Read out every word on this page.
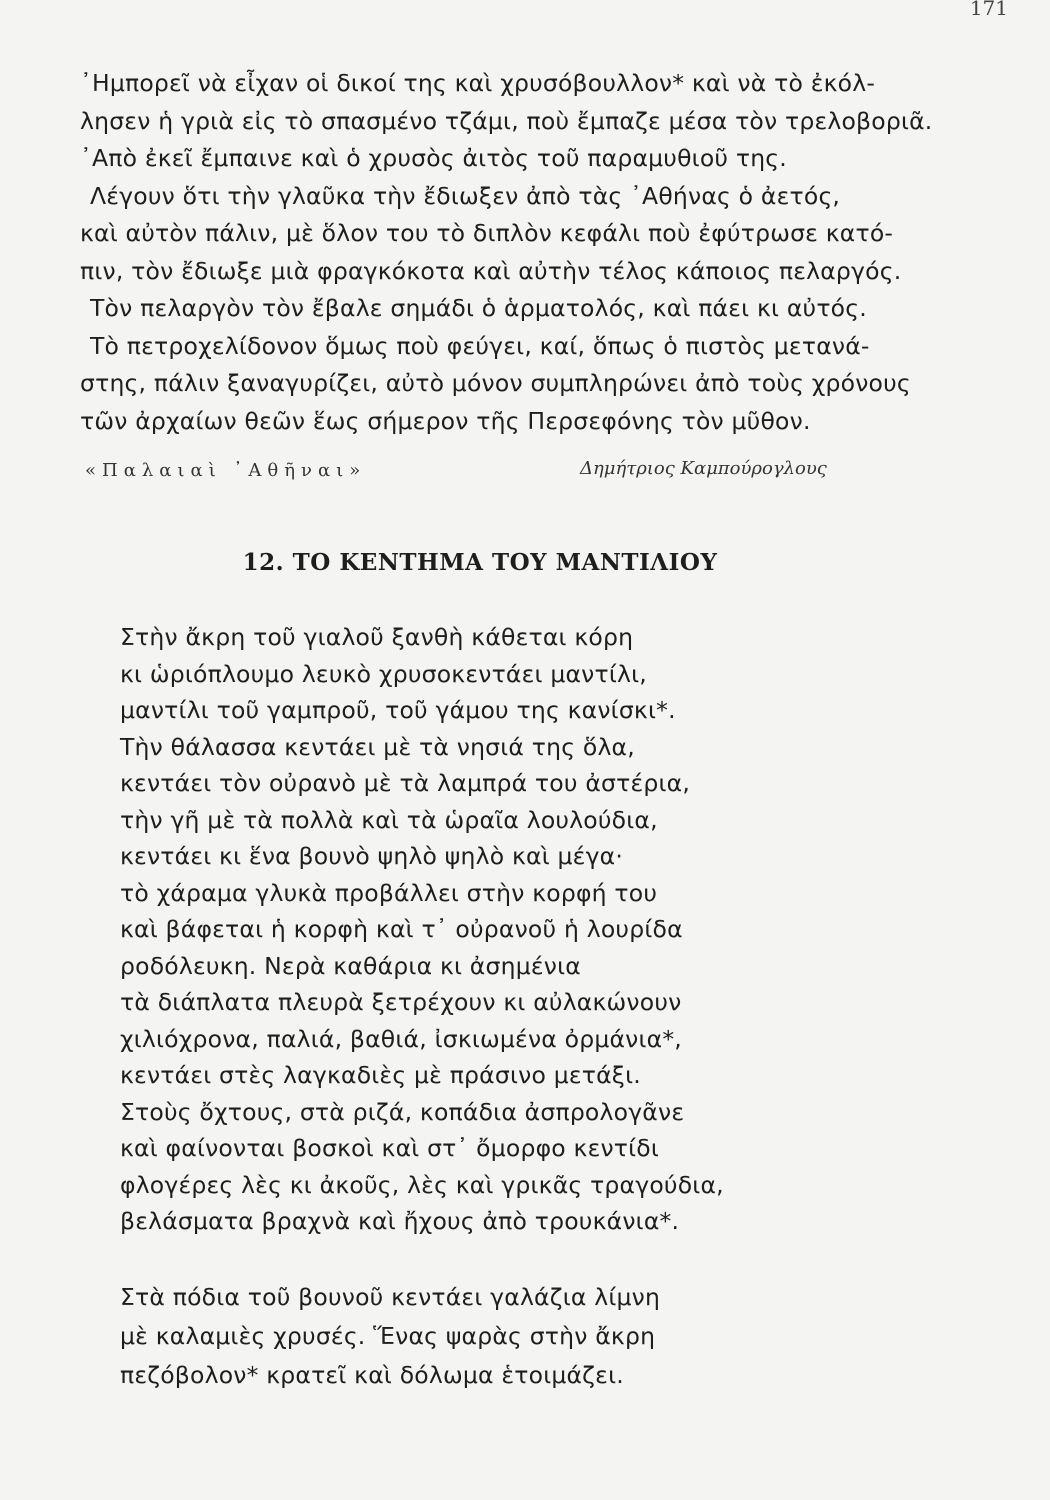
171

᾿Ημπορεῖ νὰ εἶχαν οἱ δικοί της καὶ χρυσόβουλλον* καὶ νὰ τὸ ἐκόλ-

λησεν ἡ γριὰ εἰς τὸ σπασμένο τζάμι, ποὺ ἔμπαζε μέσα τὸν τρελοβοριᾶ.

᾿Απὸ ἐκεῖ ἔμπαινε καὶ ὁ χρυσὸς ἀιτὸς τοῦ παραμυθιοῦ της.

Λέγουν ὅτι τὴν γλαῦκα τὴν ἔδιωξεν ἀπὸ τὰς ᾿Αθήνας ὁ ἀετός,

καὶ αὐτὸν πάλιν, μὲ ὅλον του τὸ διπλὸν κεφάλι ποὺ ἐφύτρωσε κατό-

πιν, τὸν ἔδιωξε μιὰ φραγκόκοτα καὶ αὐτὴν τέλος κάποιος πελαργός.

Τὸν πελαργὸν τὸν ἔβαλε σημάδι ὁ ἁρματολός, καὶ πάει κι αὐτός.

Τὸ πετροχελίδονον ὅμως ποὺ φεύγει, καί, ὅπως ὁ πιστὸς μετανά-

στης, πάλιν ξαναγυρίζει, αὐτὸ μόνον συμπληρώνει ἀπὸ τοὺς χρόνους

τῶν ἀρχαίων θεῶν ἕως σήμερον τῆς Περσεφόνης τὸν μῦθον.

«Παλαιαὶ ᾿Αθῆναι»	Δημήτριος Καμπούρογλους
12. ΤΟ ΚΕΝΤΗΜΑ ΤΟΥ ΜΑΝΤΙΛΙΟΥ
Στὴν ἄκρη τοῦ γιαλοῦ ξανθὴ κάθεται κόρη
κι ὡριόπλουμο λευκὸ χρυσοκεντάει μαντίλι,
μαντίλι τοῦ γαμπροῦ, τοῦ γάμου της κανίσκι*.
Τὴν θάλασσα κεντάει μὲ τὰ νησιά της ὅλα,
κεντάει τὸν οὐρανὸ μὲ τὰ λαμπρά του ἀστέρια,
τὴν γῆ μὲ τὰ πολλὰ καὶ τὰ ὡραῖα λουλούδια,
κεντάει κι ἕνα βουνὸ ψηλὸ ψηλὸ καὶ μέγα·
τὸ χάραμα γλυκὰ προβάλλει στὴν κορφή του
καὶ βάφεται ἡ κορφὴ καὶ τ᾿ οὐρανοῦ ἡ λουρίδα
ροδόλευκη. Νερὰ καθάρια κι ἀσημένια
τὰ διάπλατα πλευρὰ ξετρέχουν κι αὐλακώνουν
χιλιόχρονα, παλιά, βαθιά, ἰσκιωμένα ὀρμάνια*,
κεντάει στὲς λαγκαδιὲς μὲ πράσινο μετάξι.
Στοὺς ὄχτους, στὰ ριζά, κοπάδια ἀσπρολογᾶνε
καὶ φαίνονται βοσκοὶ καὶ στ᾿ ὄμορφο κεντίδι
φλογέρες λὲς κι ἀκοῦς, λὲς καὶ γρικᾶς τραγούδια,
βελάσματα βραχνὰ καὶ ἤχους ἀπὸ τρουκάνια*.
Στὰ πόδια τοῦ βουνοῦ κεντάει γαλάζια λίμνη
μὲ καλαμιὲς χρυσές. Ἕνας ψαρὰς στὴν ἄκρη
πεζόβολον* κρατεῖ καὶ δόλωμα ἑτοιμάζει.
